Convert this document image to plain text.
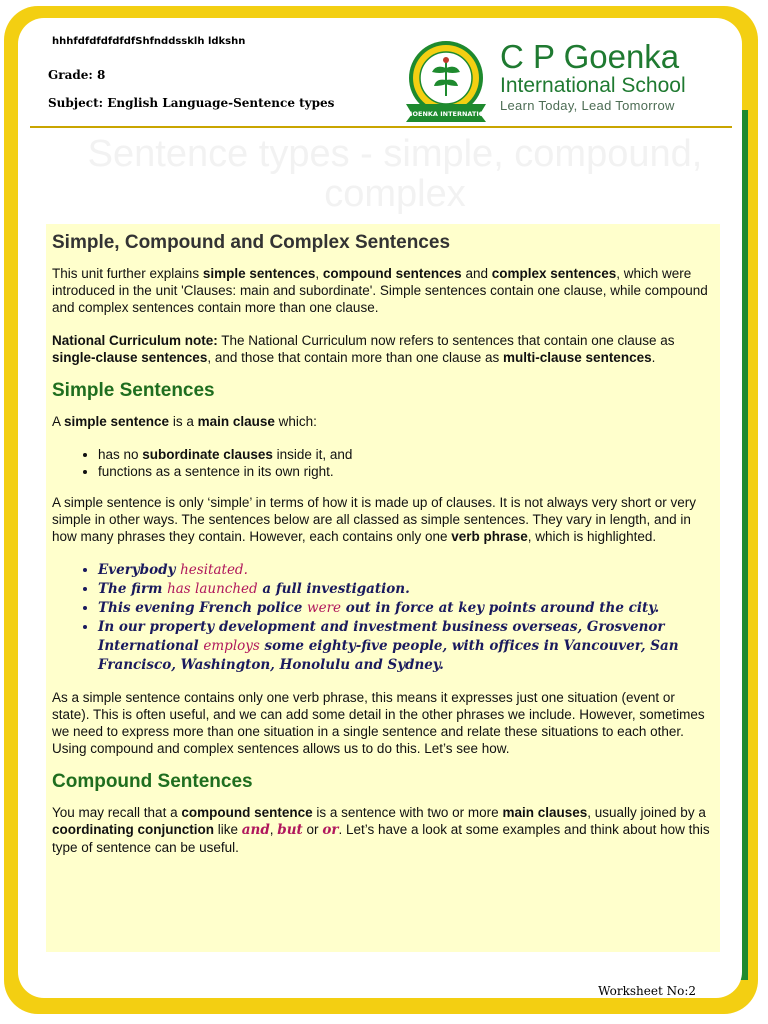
hhhfdfdfdfdfdfShfnddssklh ldkshn
Grade: 8
Subject: English Language-Sentence types
C P GOENKA INTERNATIONAL
C P Goenka
International School
Learn Today, Lead Tomorrow
Sentence types - simple, compound, complex
Simple, Compound and Complex Sentences

This unit further explains simple sentences, compound sentences and complex sentences, which were introduced in the unit 'Clauses: main and subordinate'. Simple sentences contain one clause, while compound and complex sentences contain more than one clause.

National Curriculum note: The National Curriculum now refers to sentences that contain one clause as single-clause sentences, and those that contain more than one clause as multi-clause sentences.

Simple Sentences

A simple sentence is a main clause which:

• has no subordinate clauses inside it, and
• functions as a sentence in its own right.

A simple sentence is only ‘simple’ in terms of how it is made up of clauses. It is not always very short or very simple in other ways. The sentences below are all classed as simple sentences. They vary in length, and in how many phrases they contain. However, each contains only one verb phrase, which is highlighted.

• Everybody hesitated.
• The firm has launched a full investigation.
• This evening French police were out in force at key points around the city.
• In our property development and investment business overseas, Grosvenor International employs some eighty-five people, with offices in Vancouver, San Francisco, Washington, Honolulu and Sydney.

As a simple sentence contains only one verb phrase, this means it expresses just one situation (event or state). This is often useful, and we can add some detail in the other phrases we include. However, sometimes we need to express more than one situation in a single sentence and relate these situations to each other. Using compound and complex sentences allows us to do this. Let’s see how.

Compound Sentences

You may recall that a compound sentence is a sentence with two or more main clauses, usually joined by a coordinating conjunction like and, but or or. Let’s have a look at some examples and think about how this type of sentence can be useful.

Worksheet No:2
